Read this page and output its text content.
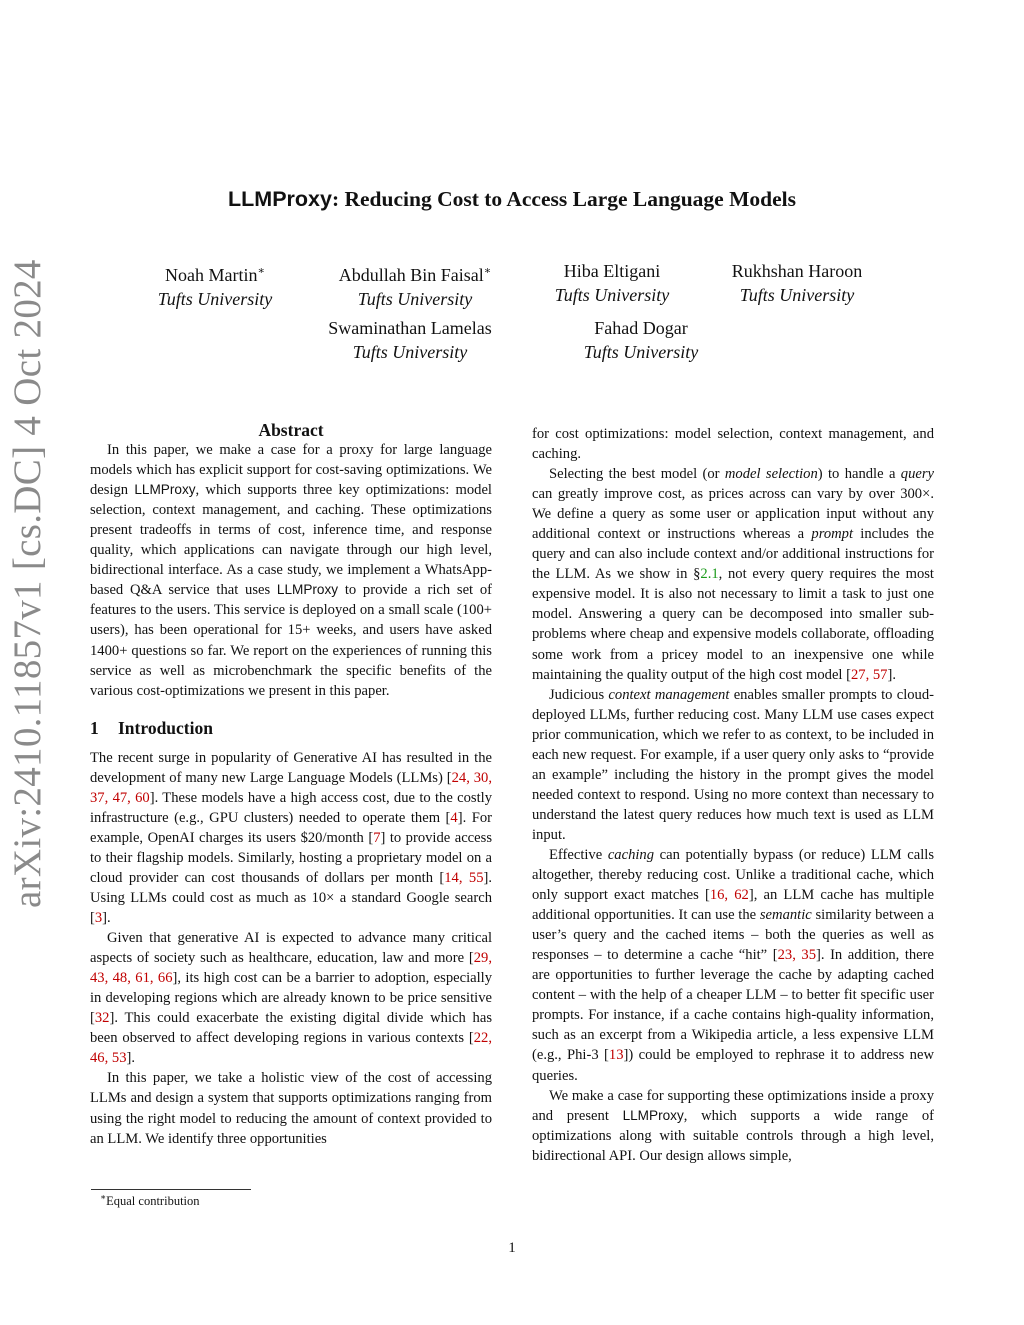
arXiv:2410.11857v1 [cs.DC] 4 Oct 2024
LLMProxy: Reducing Cost to Access Large Language Models
Noah Martin∗
Tufts University
Abdullah Bin Faisal∗
Tufts University
Hiba Eltigani
Tufts University
Rukhshan Haroon
Tufts University
Swaminathan Lamelas
Tufts University
Fahad Dogar
Tufts University

Abstract

In this paper, we make a case for a proxy for large language models which has explicit support for cost-saving optimizations. We design LLMProxy, which supports three key optimizations: model selection, context management, and caching. These optimizations present tradeoffs in terms of cost, inference time, and response quality, which applications can navigate through our high level, bidirectional interface. As a case study, we implement a WhatsApp-based Q&A service that uses LLMProxy to provide a rich set of features to the users. This service is deployed on a small scale (100+ users), has been operational for 15+ weeks, and users have asked 1400+ questions so far. We report on the experiences of running this service as well as microbenchmark the specific benefits of the various cost-optimizations we present in this paper.

1 Introduction

The recent surge in popularity of Generative AI has resulted in the development of many new Large Language Models (LLMs) [24, 30, 37, 47, 60]. These models have a high access cost, due to the costly infrastructure (e.g., GPU clusters) needed to operate them [4]. For example, OpenAI charges its users $20/month [7] to provide access to their flagship models. Similarly, hosting a proprietary model on a cloud provider can cost thousands of dollars per month [14, 55]. Using LLMs could cost as much as 10× a standard Google search [3].

Given that generative AI is expected to advance many critical aspects of society such as healthcare, education, law and more [29, 43, 48, 61, 66], its high cost can be a barrier to adoption, especially in developing regions which are already known to be price sensitive [32]. This could exacerbate the existing digital divide which has been observed to affect developing regions in various contexts [22, 46, 53].

In this paper, we take a holistic view of the cost of accessing LLMs and design a system that supports optimizations ranging from using the right model to reducing the amount of context provided to an LLM. We identify three opportunities

for cost optimizations: model selection, context management, and caching.

Selecting the best model (or model selection) to handle a query can greatly improve cost, as prices across can vary by over 300×. We define a query as some user or application input without any additional context or instructions whereas a prompt includes the query and can also include context and/or additional instructions for the LLM. As we show in §2.1, not every query requires the most expensive model. It is also not necessary to limit a task to just one model. Answering a query can be decomposed into smaller sub-problems where cheap and expensive models collaborate, offloading some work from a pricey model to an inexpensive one while maintaining the quality output of the high cost model [27, 57].

Judicious context management enables smaller prompts to cloud-deployed LLMs, further reducing cost. Many LLM use cases expect prior communication, which we refer to as context, to be included in each new request. For example, if a user query only asks to “provide an example” including the history in the prompt gives the model needed context to respond. Using no more context than necessary to understand the latest query reduces how much text is used as LLM input.

Effective caching can potentially bypass (or reduce) LLM calls altogether, thereby reducing cost. Unlike a traditional cache, which only support exact matches [16, 62], an LLM cache has multiple additional opportunities. It can use the semantic similarity between a user’s query and the cached items – both the queries as well as responses – to determine a cache “hit” [23, 35]. In addition, there are opportunities to further leverage the cache by adapting cached content – with the help of a cheaper LLM – to better fit specific user prompts. For instance, if a cache contains high-quality information, such as an excerpt from a Wikipedia article, a less expensive LLM (e.g., Phi-3 [13]) could be employed to rephrase it to address new queries.

We make a case for supporting these optimizations inside a proxy and present LLMProxy, which supports a wide range of optimizations along with suitable controls through a high level, bidirectional API. Our design allows simple,

∗Equal contribution
1
